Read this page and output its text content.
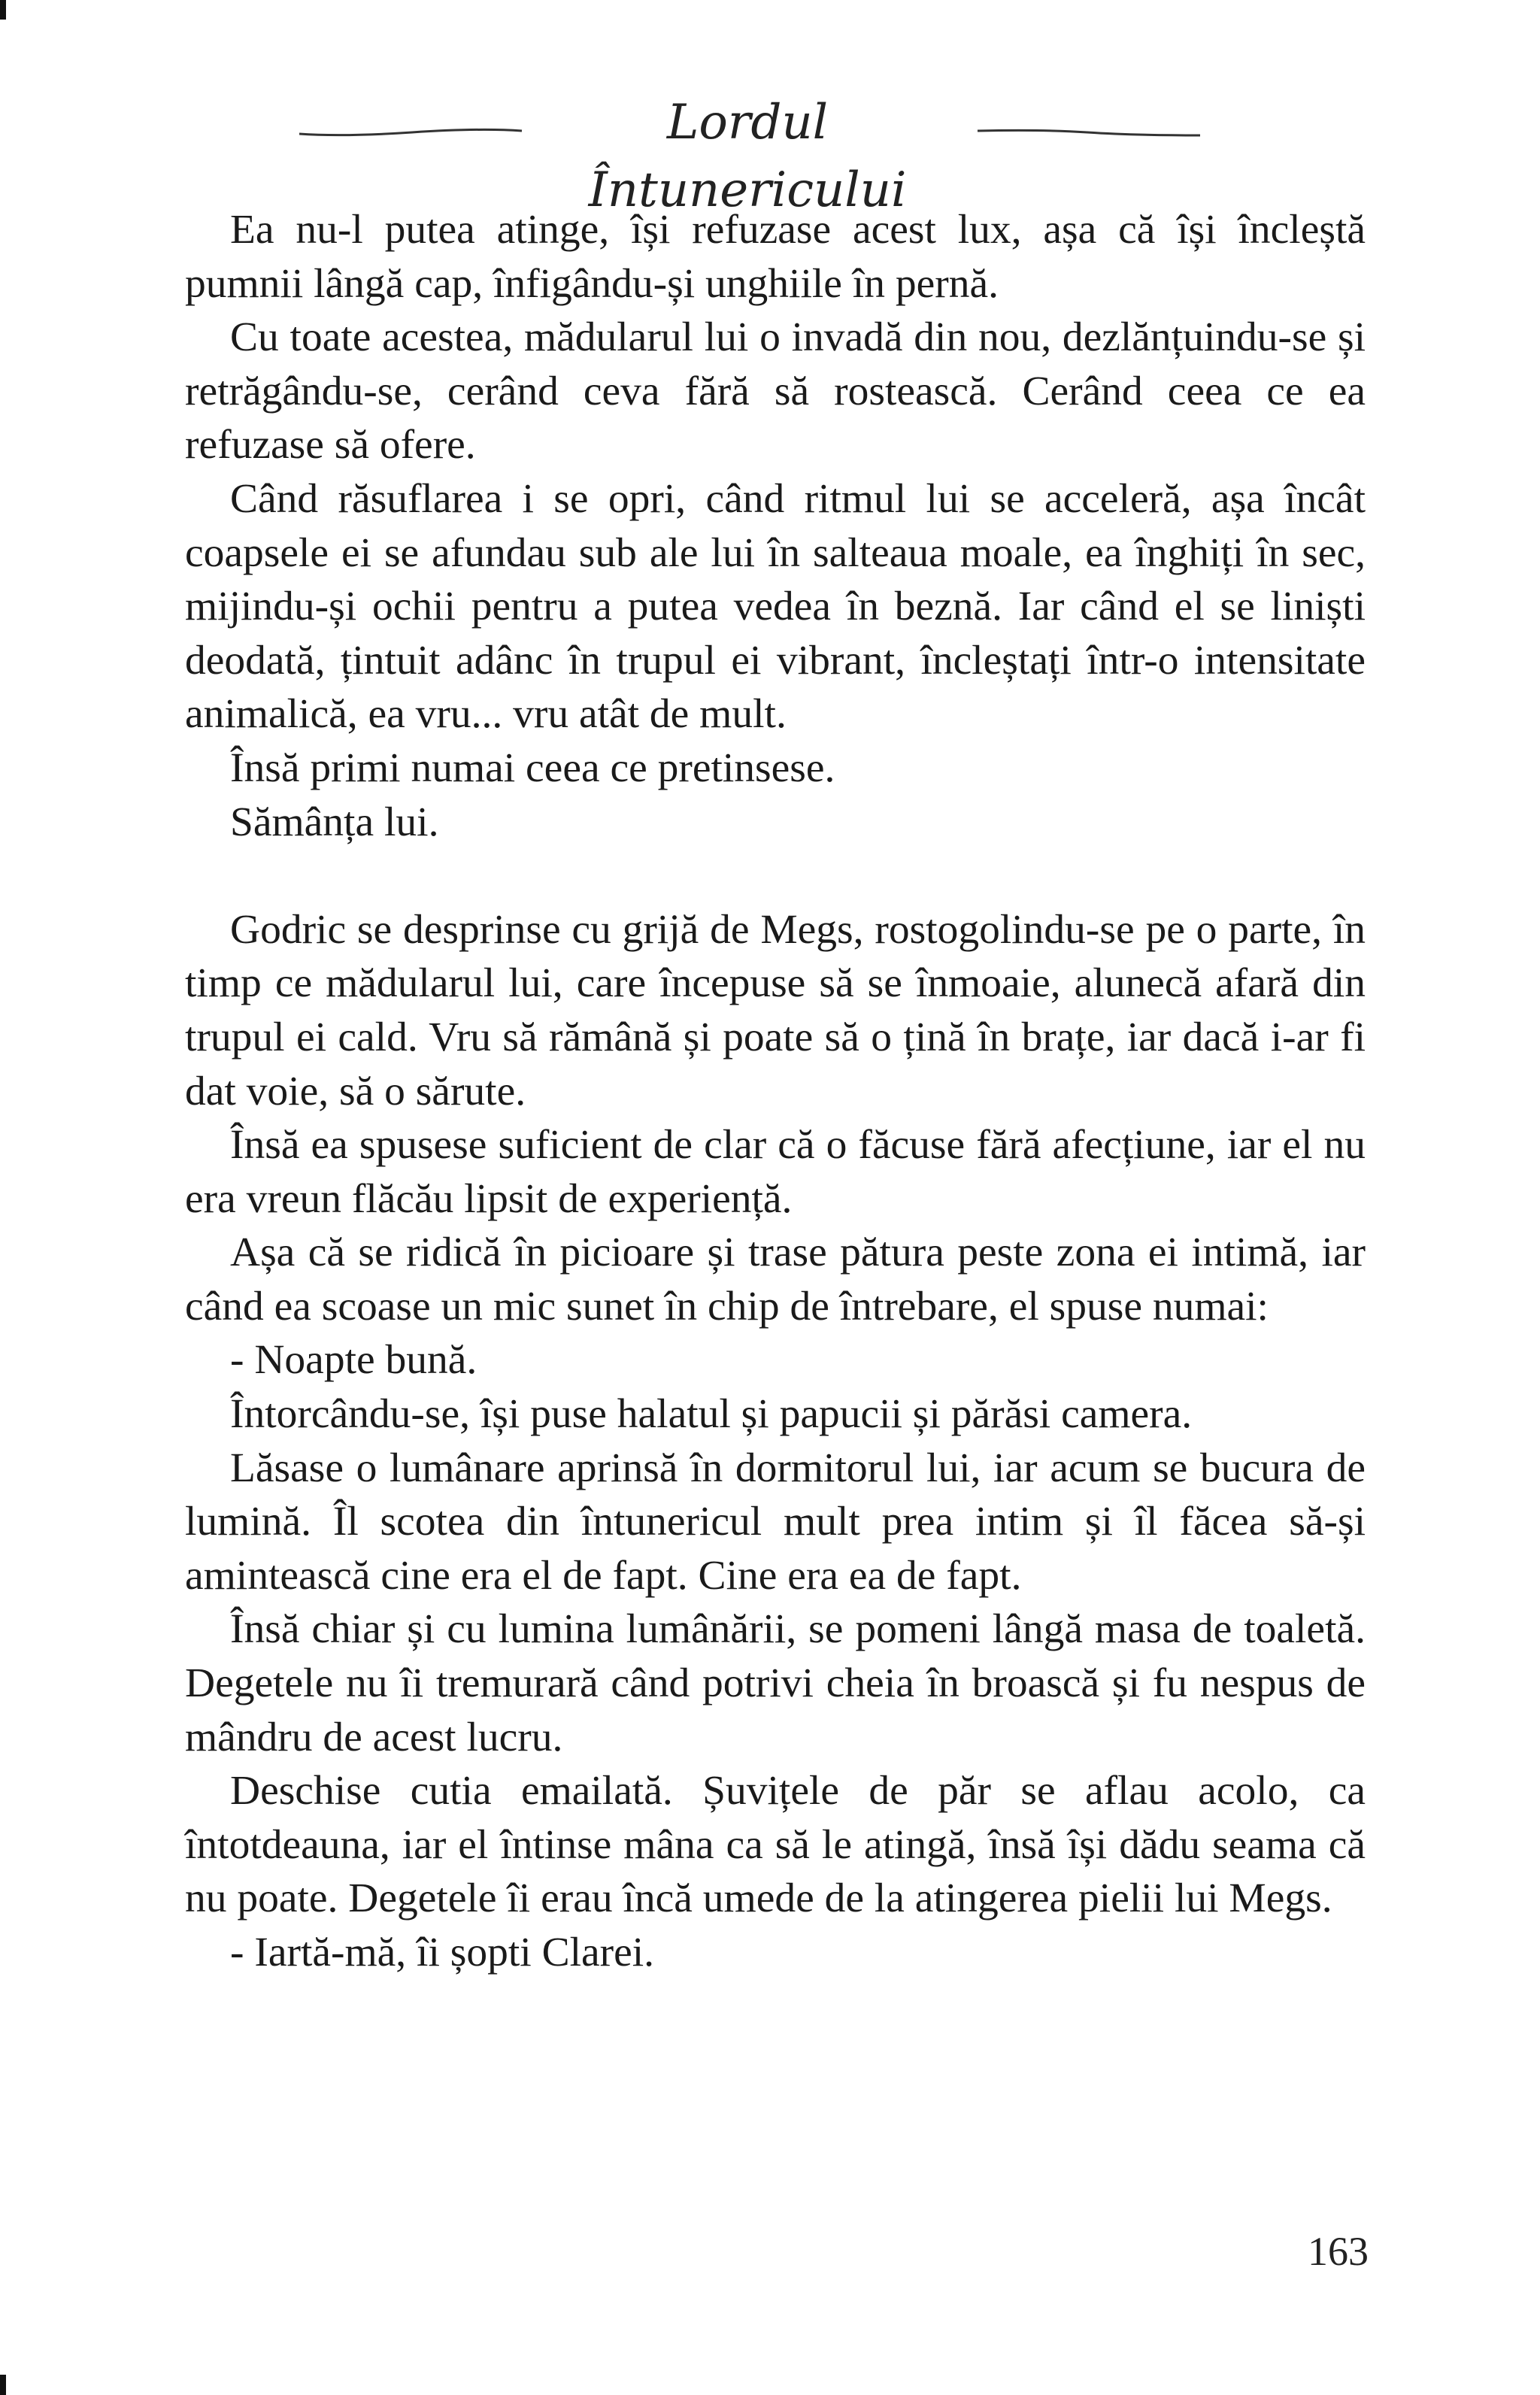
Lordul Întunericului

Ea nu-l putea atinge, își refuzase acest lux, așa că își încleștă pumnii lângă cap, înfigându-și unghiile în pernă.

Cu toate acestea, mădularul lui o invadă din nou, dezlănțuindu-se și retrăgându-se, cerând ceva fără să rostească. Cerând ceea ce ea refuzase să ofere.

Când răsuflarea i se opri, când ritmul lui se acceleră, așa încât coapsele ei se afundau sub ale lui în salteaua moale, ea înghiți în sec, mijindu-și ochii pentru a putea vedea în beznă. Iar când el se liniști deodată, țintuit adânc în trupul ei vibrant, încleștați într-o intensitate animalică, ea vru... vru atât de mult.

Însă primi numai ceea ce pretinsese.

Sămânța lui.

Godric se desprinse cu grijă de Megs, rostogolindu-se pe o parte, în timp ce mădularul lui, care începuse să se înmoaie, alunecă afară din trupul ei cald. Vru să rămână și poate să o țină în brațe, iar dacă i-ar fi dat voie, să o sărute.

Însă ea spusese suficient de clar că o făcuse fără afecțiune, iar el nu era vreun flăcău lipsit de experiență.

Așa că se ridică în picioare și trase pătura peste zona ei intimă, iar când ea scoase un mic sunet în chip de întrebare, el spuse numai:

- Noapte bună.

Întorcându-se, își puse halatul și papucii și părăsi camera.

Lăsase o lumânare aprinsă în dormitorul lui, iar acum se bucura de lumină. Îl scotea din întunericul mult prea intim și îl făcea să-și amintească cine era el de fapt. Cine era ea de fapt.

Însă chiar și cu lumina lumânării, se pomeni lângă masa de toaletă. Degetele nu îi tremurară când potrivi cheia în broască și fu nespus de mândru de acest lucru.

Deschise cutia emailată. Șuvițele de păr se aflau acolo, ca întotdeauna, iar el întinse mâna ca să le atingă, însă își dădu seama că nu poate. Degetele îi erau încă umede de la atingerea pielii lui Megs.

- Iartă-mă, îi șopti Clarei.

163
